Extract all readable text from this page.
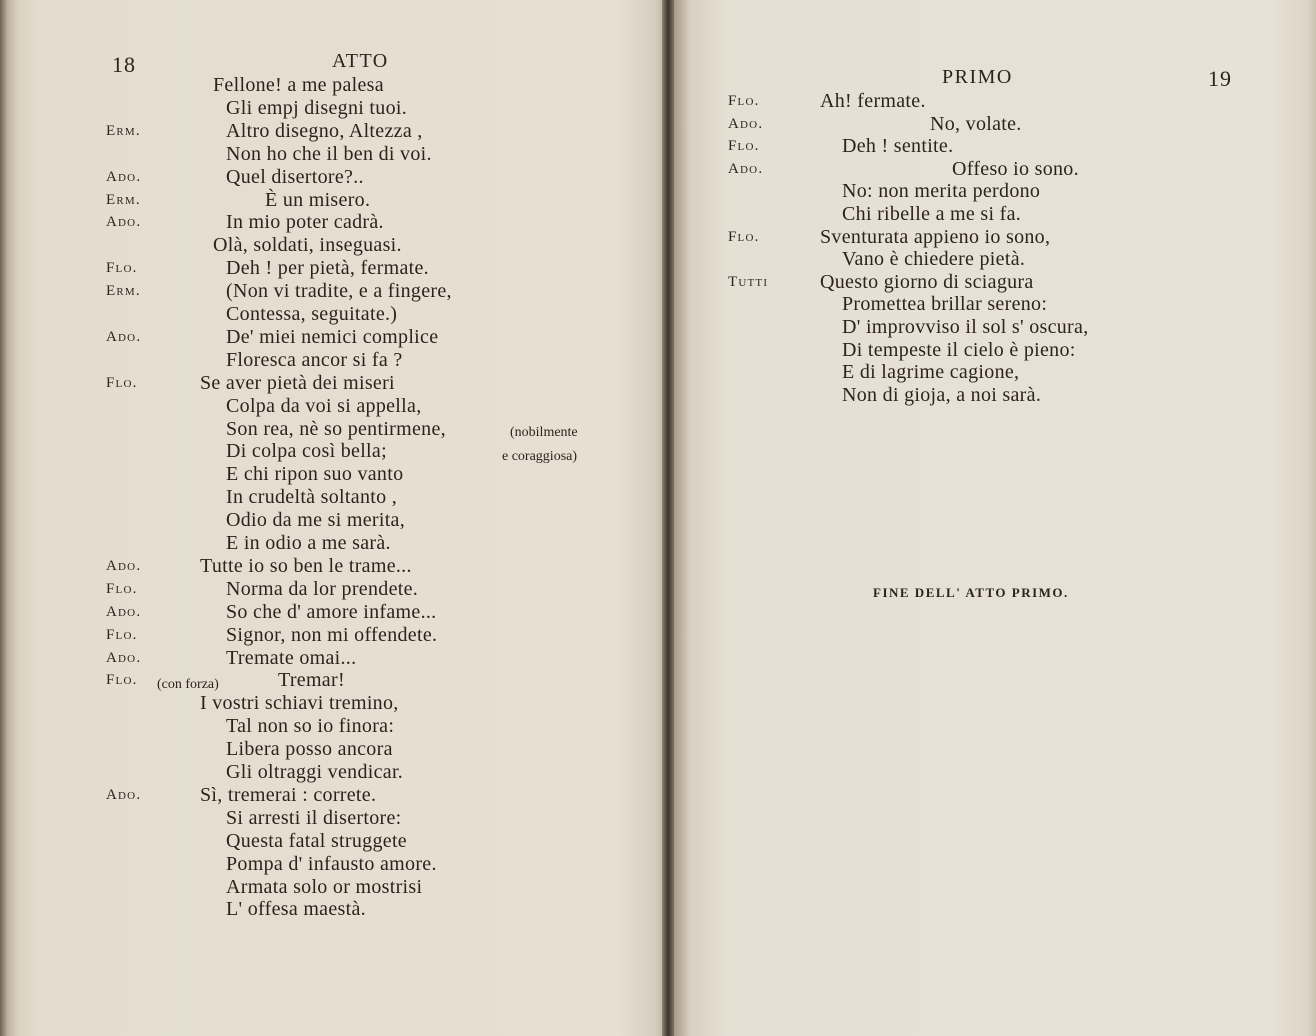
18	ATTO
Fellone! a me palesa
Gli empj disegni tuoi.
Erm.	Altro disegno, Altezza ,
Non ho che il ben di voi.
Ado.	Quel disertore?..
Erm.	È un misero.
Ado.	In mio poter cadrà.
Olà, soldati, inseguasi.
Flo.	Deh ! per pietà, fermate.
Erm.	(Non vi tradite, e a fingere,
Contessa, seguitate.)
Ado.	De' miei nemici complice
Floresca ancor si fa ?
Flo.	Se aver pietà dei miseri
Colpa da voi si appella,
Son rea, nè so pentirmene,
Di colpa così bella;
E chi ripon suo vanto
In crudeltà soltanto ,
Odio da me si merita,
E in odio a me sarà.
Ado.	Tutte io so ben le trame...
Flo.	Norma da lor prendete.
Ado.	So che d' amore infame...
Flo.	Signor, non mi offendete.
Ado.	Tremate omai...
Flo.	Tremar!
I vostri schiavi tremino,
Tal non so io finora:
Libera posso ancora
Gli oltraggi vendicar.
Ado.	Sì, tremerai : correte.
Si arresti il disertore:
Questa fatal struggete
Pompa d' infausto amore.
Armata solo or mostrisi
L' offesa maestà.
(nobilmente
e coraggiosa)
(con forza)
PRIMO	19
Flo.	Ah! fermate.
Ado.	No, volate.
Flo.	Deh ! sentite.
Ado.	Offeso io sono.
No: non merita perdono
Chi ribelle a me si fa.
Flo.	Sventurata appieno io sono,
Vano è chiedere pietà.
Tutti	Questo giorno di sciagura
Promettea brillar sereno:
D' improvviso il sol s' oscura,
Di tempeste il cielo è pieno:
E di lagrime cagione,
Non di gioja, a noi sarà.
FINE DELL' ATTO PRIMO.
